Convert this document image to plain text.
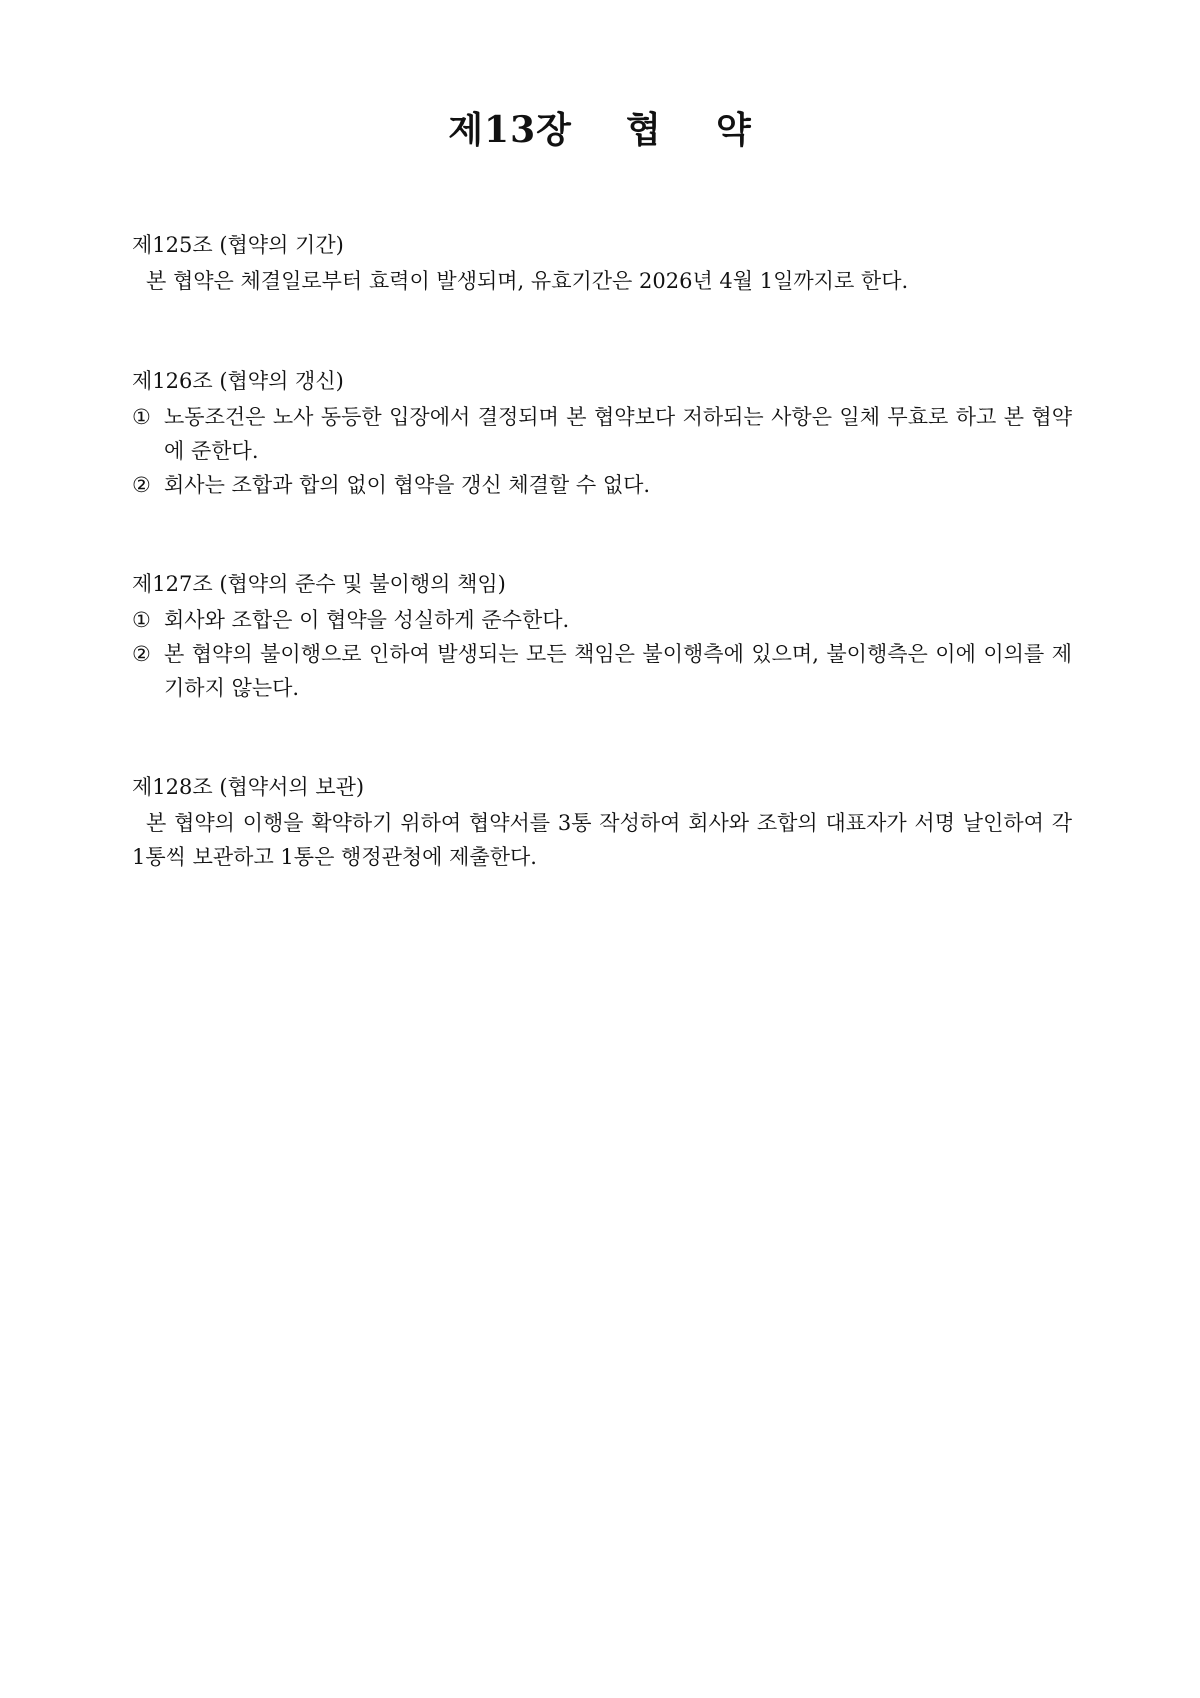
제13장    협    약
제125조 (협약의 기간)

본 협약은 체결일로부터 효력이 발생되며, 유효기간은 2026년 4월 1일까지로 한다.

제126조 (협약의 갱신)
① 노동조건은 노사 동등한 입장에서 결정되며 본 협약보다 저하되는 사항은 일체 무효로 하고 본 협약에 준한다.
② 회사는 조합과 합의 없이 협약을 갱신 체결할 수 없다.
제127조 (협약의 준수 및 불이행의 책임)
① 회사와 조합은 이 협약을 성실하게 준수한다.
② 본 협약의 불이행으로 인하여 발생되는 모든 책임은 불이행측에 있으며, 불이행측은 이에 이의를 제기하지 않는다.
제128조 (협약서의 보관)

본 협약의 이행을 확약하기 위하여 협약서를 3통 작성하여 회사와 조합의 대표자가 서명 날인하여 각 1통씩 보관하고 1통은 행정관청에 제출한다.
